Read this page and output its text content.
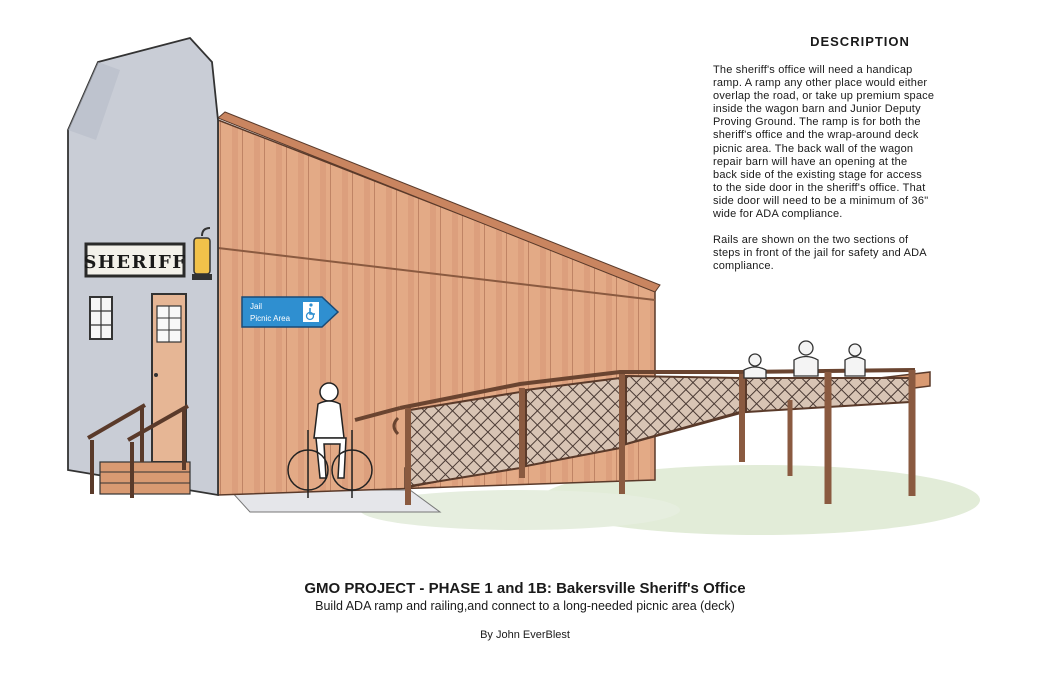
SHERIFF
Jail
Picnic Area
DESCRIPTION

The sheriff's office will need a handicap
ramp. A ramp any other place would either
overlap the road, or take up premium space
inside the wagon barn and Junior Deputy
Proving Ground. The ramp is for both the
sheriff's office and the wrap-around deck
picnic area. The back wall of the wagon
repair barn will have an opening at the
back side of the existing stage for access
to the side door in the sheriff's office. That
side door will need to be a minimum of 36"
wide for ADA compliance.

Rails are shown on the two sections of
steps in front of the jail for safety and ADA
compliance.

GMO PROJECT - PHASE 1 and 1B: Bakersville Sheriff's Office
Build ADA ramp and railing,and connect to a long-needed picnic area (deck)
By John EverBlest
